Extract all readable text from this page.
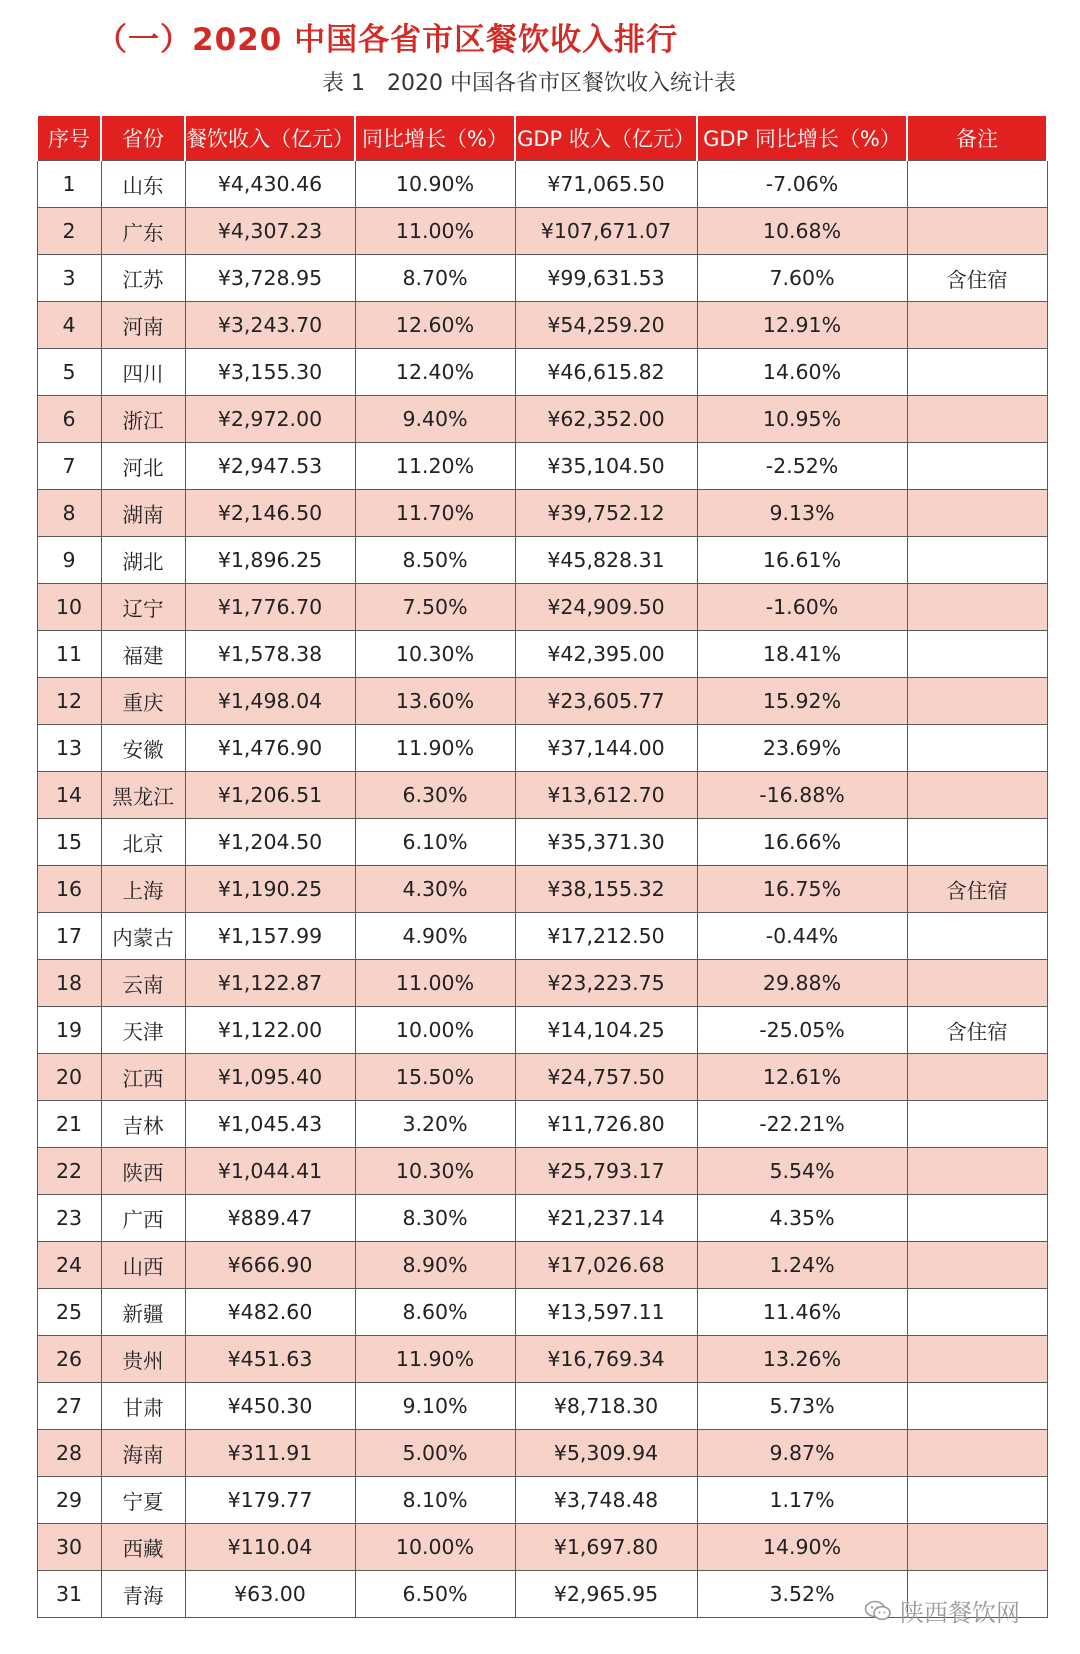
（一）2020 中国各省市区餐饮收入排行
表 1 2020 中国各省市区餐饮收入统计表
序号	省份	餐饮收入（亿元）	同比增长（%）	GDP 收入（亿元）	GDP 同比增长（%）	备注
1	山东	¥4,430.46	10.90%	¥71,065.50	-7.06%	
2	广东	¥4,307.23	11.00%	¥107,671.07	10.68%	
3	江苏	¥3,728.95	8.70%	¥99,631.53	7.60%	含住宿
4	河南	¥3,243.70	12.60%	¥54,259.20	12.91%	
5	四川	¥3,155.30	12.40%	¥46,615.82	14.60%	
6	浙江	¥2,972.00	9.40%	¥62,352.00	10.95%	
7	河北	¥2,947.53	11.20%	¥35,104.50	-2.52%	
8	湖南	¥2,146.50	11.70%	¥39,752.12	9.13%	
9	湖北	¥1,896.25	8.50%	¥45,828.31	16.61%	
10	辽宁	¥1,776.70	7.50%	¥24,909.50	-1.60%	
11	福建	¥1,578.38	10.30%	¥42,395.00	18.41%	
12	重庆	¥1,498.04	13.60%	¥23,605.77	15.92%	
13	安徽	¥1,476.90	11.90%	¥37,144.00	23.69%	
14	黑龙江	¥1,206.51	6.30%	¥13,612.70	-16.88%	
15	北京	¥1,204.50	6.10%	¥35,371.30	16.66%	
16	上海	¥1,190.25	4.30%	¥38,155.32	16.75%	含住宿
17	内蒙古	¥1,157.99	4.90%	¥17,212.50	-0.44%	
18	云南	¥1,122.87	11.00%	¥23,223.75	29.88%	
19	天津	¥1,122.00	10.00%	¥14,104.25	-25.05%	含住宿
20	江西	¥1,095.40	15.50%	¥24,757.50	12.61%	
21	吉林	¥1,045.43	3.20%	¥11,726.80	-22.21%	
22	陕西	¥1,044.41	10.30%	¥25,793.17	5.54%	
23	广西	¥889.47	8.30%	¥21,237.14	4.35%	
24	山西	¥666.90	8.90%	¥17,026.68	1.24%	
25	新疆	¥482.60	8.60%	¥13,597.11	11.46%	
26	贵州	¥451.63	11.90%	¥16,769.34	13.26%	
27	甘肃	¥450.30	9.10%	¥8,718.30	5.73%	
28	海南	¥311.91	5.00%	¥5,309.94	9.87%	
29	宁夏	¥179.77	8.10%	¥3,748.48	1.17%	
30	西藏	¥110.04	10.00%	¥1,697.80	14.90%	
31	青海	¥63.00	6.50%	¥2,965.95	3.52%	
陕西餐饮网
